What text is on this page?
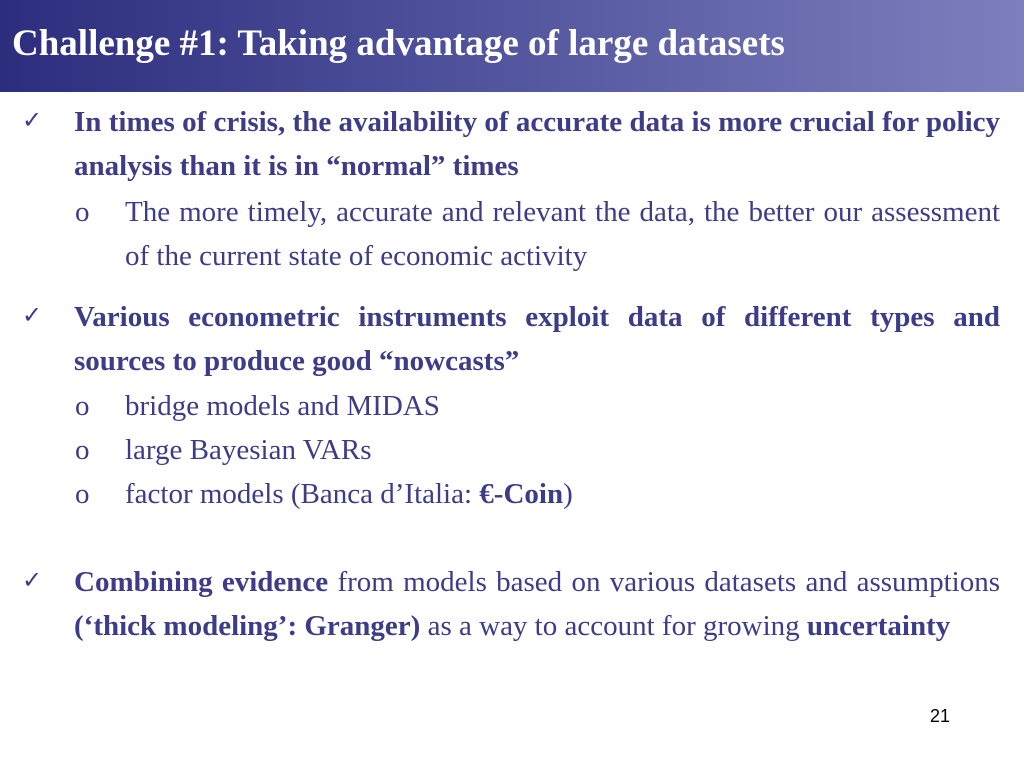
Challenge #1: Taking advantage of large datasets
✓	In times of crisis, the availability of accurate data is more crucial for policy analysis than it is in “normal” times
o The more timely, accurate and relevant the data, the better our assessment of the current state of economic activity
✓	Various econometric instruments exploit data of different types and sources to produce good “nowcasts”
o bridge models and MIDAS
o large Bayesian VARs
o factor models (Banca d’Italia: €-Coin)
✓	Combining evidence from models based on various datasets and assumptions (‘thick modeling’: Granger) as a way to account for growing uncertainty
21
